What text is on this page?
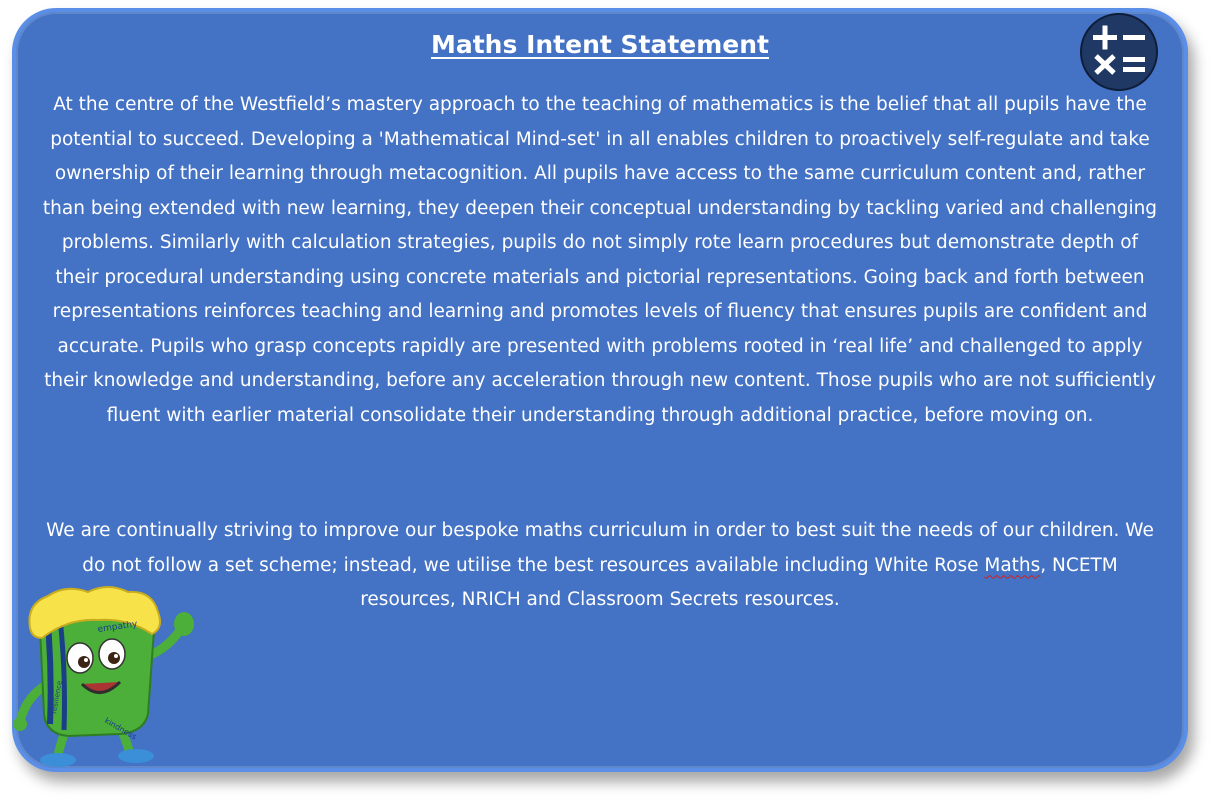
Maths Intent Statement
At the centre of the Westfield’s mastery approach to the teaching of mathematics is the belief that all pupils have the potential to succeed. Developing a 'Mathematical Mind-set' in all enables children to proactively self-regulate and take ownership of their learning through metacognition. All pupils have access to the same curriculum content and, rather than being extended with new learning, they deepen their conceptual understanding by tackling varied and challenging problems. Similarly with calculation strategies, pupils do not simply rote learn procedures but demonstrate depth of their procedural understanding using concrete materials and pictorial representations. Going back and forth between representations reinforces teaching and learning and promotes levels of fluency that ensures pupils are confident and accurate. Pupils who grasp concepts rapidly are presented with problems rooted in ‘real life’ and challenged to apply their knowledge and understanding, before any acceleration through new content. Those pupils who are not sufficiently fluent with earlier material consolidate their understanding through additional practice, before moving on.
We are continually striving to improve our bespoke maths curriculum in order to best suit the needs of our children. We do not follow a set scheme; instead, we utilise the best resources available including White Rose Maths, NCETM resources, NRICH and Classroom Secrets resources.
empathy
kindness
resilience
